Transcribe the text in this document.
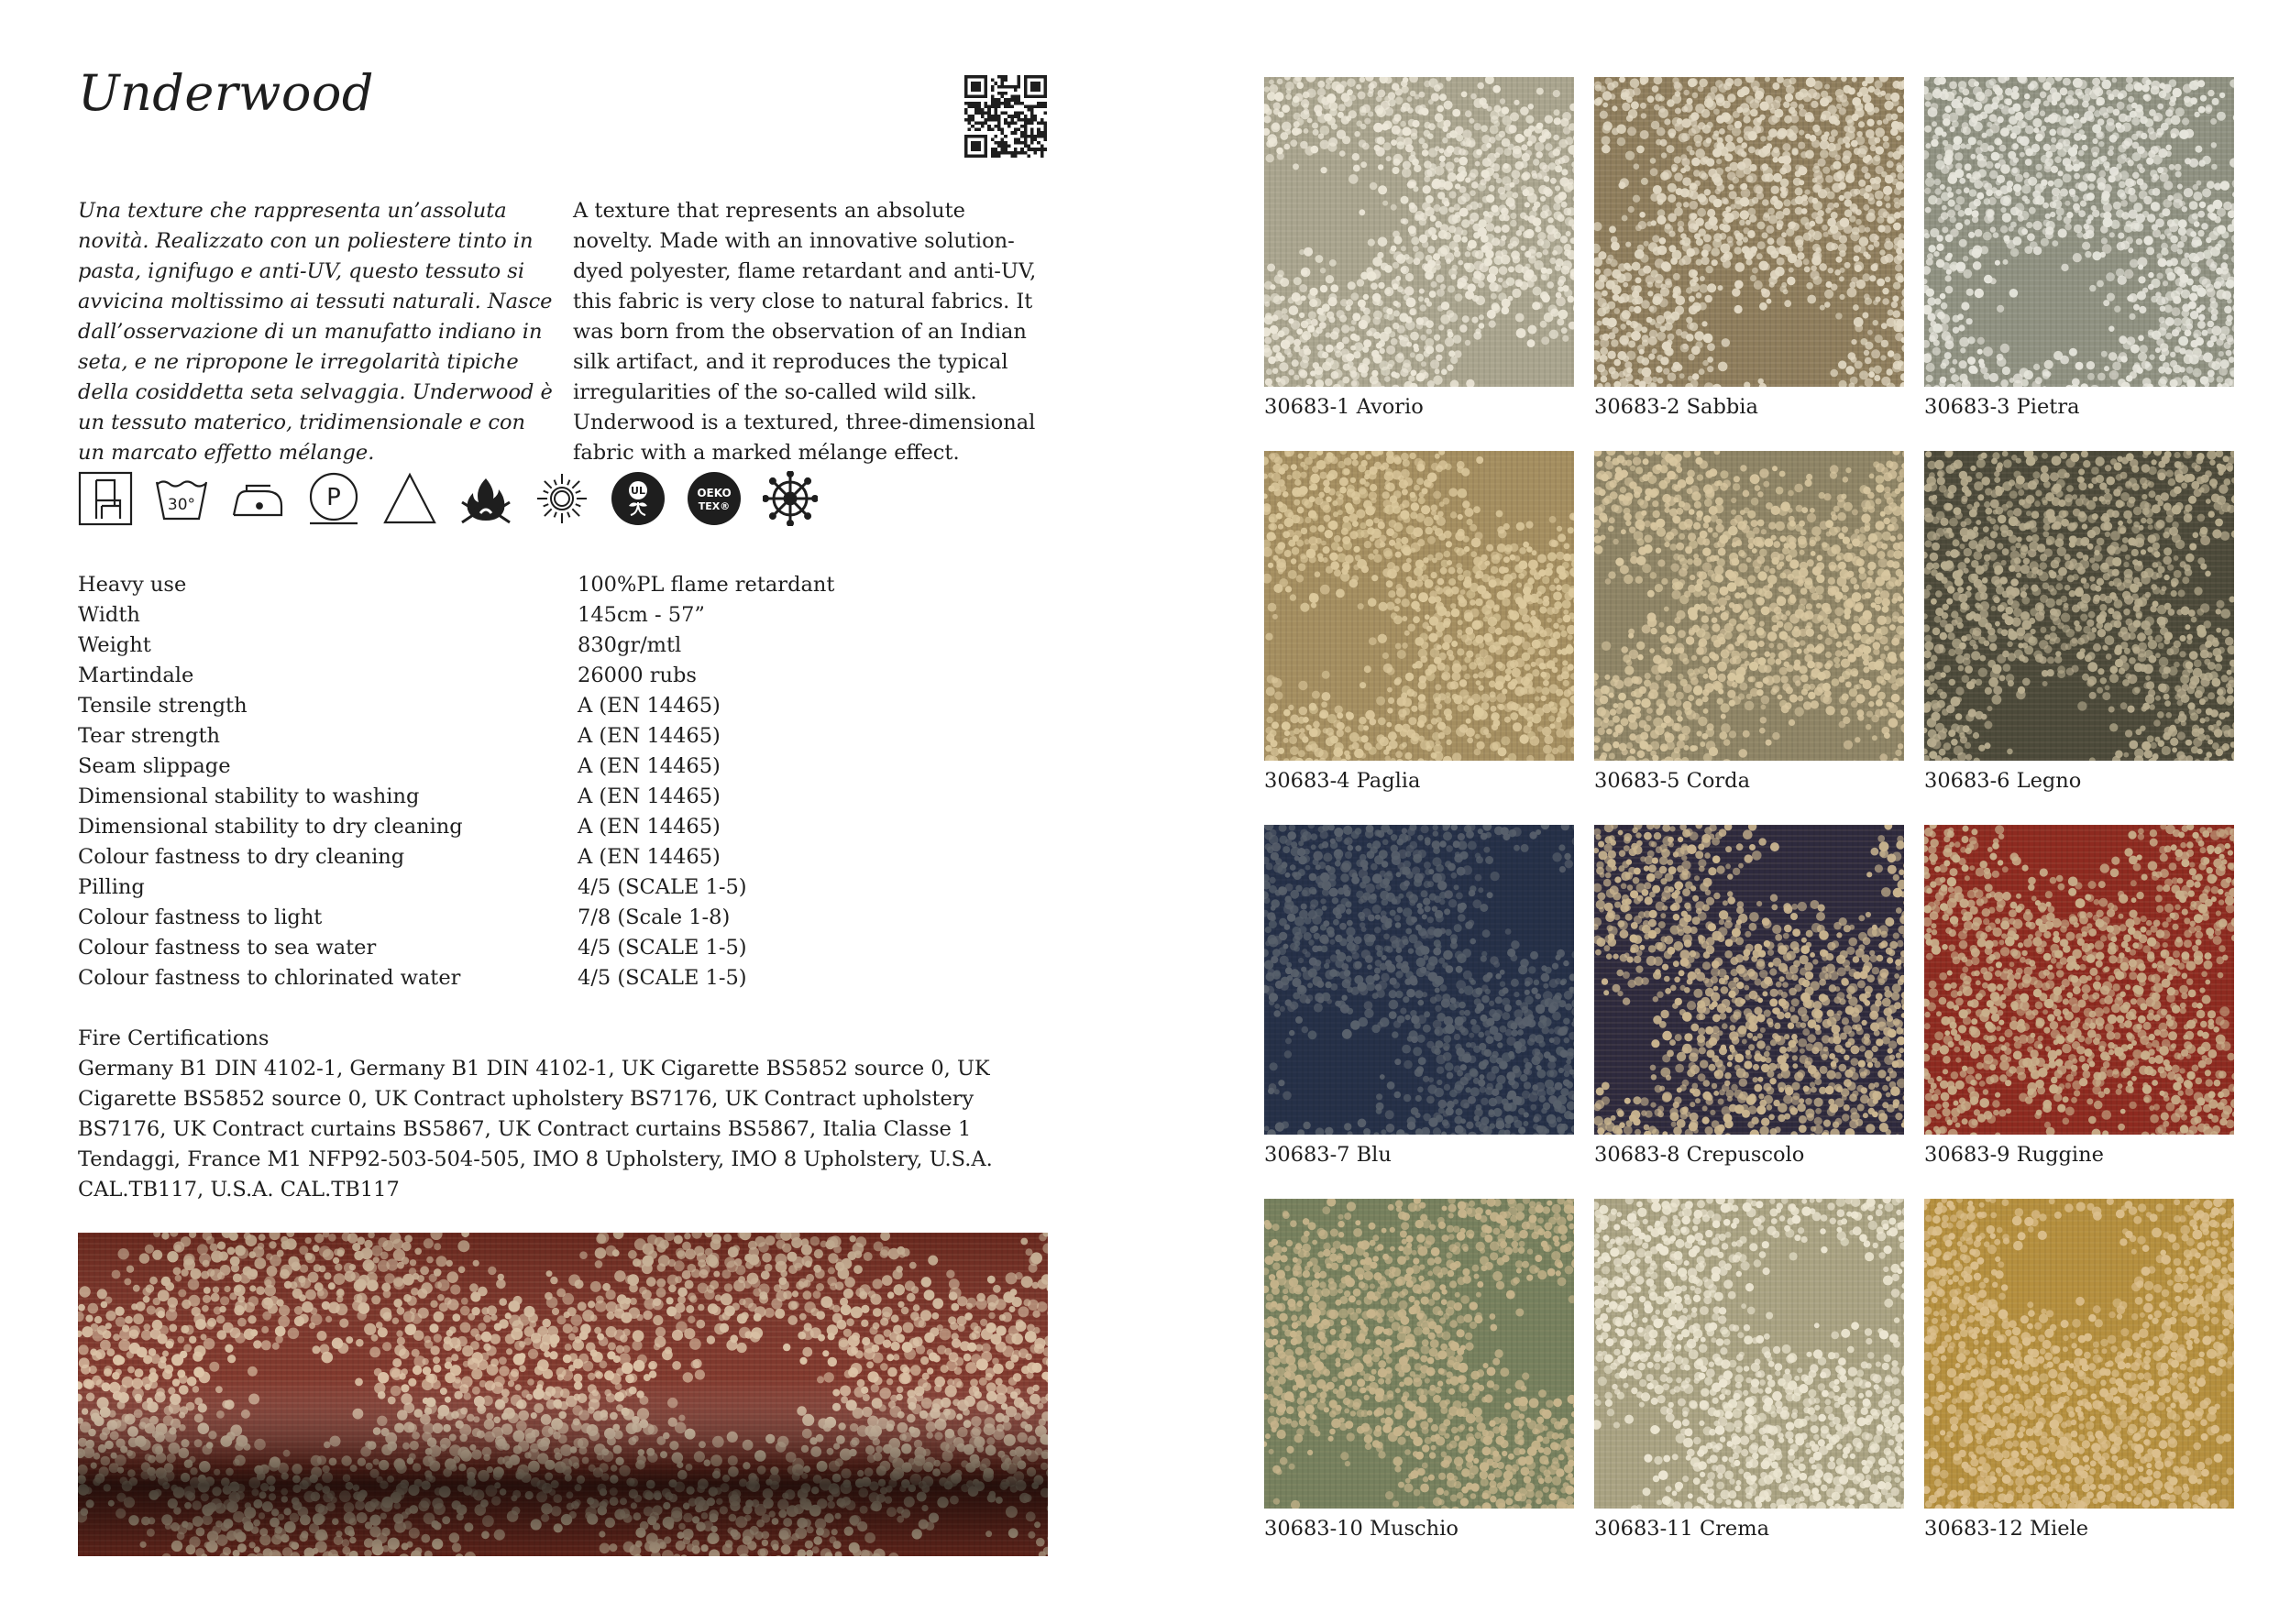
Underwood

Una texture che rappresenta un’assoluta novità. Realizzato con un poliestere tinto in pasta, ignifugo e anti-UV, questo tessuto si avvicina moltissimo ai tessuti naturali. Nasce dall’osservazione di un manufatto indiano in seta, e ne ripropone le irregolarità tipiche della cosiddetta seta selvaggia. Underwood è un tessuto materico, tridimensionale e con un marcato effetto mélange.

A texture that represents an absolute novelty. Made with an innovative solution-dyed polyester, flame retardant and anti-UV, this fabric is very close to natural fabrics. It was born from the observation of an Indian silk artifact, and it reproduces the typical irregularities of the so-called wild silk. Underwood is a textured, three-dimensional fabric with a marked mélange effect.

30°	P	UL	OEKO
TEX®
Heavy use	100%PL flame retardant
Width	145cm - 57”
Weight	830gr/mtl
Martindale	26000 rubs
Tensile strength	A (EN 14465)
Tear strength	A (EN 14465)
Seam slippage	A (EN 14465)
Dimensional stability to washing	A (EN 14465)
Dimensional stability to dry cleaning	A (EN 14465)
Colour fastness to dry cleaning	A (EN 14465)
Pilling	4/5 (SCALE 1-5)
Colour fastness to light	7/8 (Scale 1-8)
Colour fastness to sea water	4/5 (SCALE 1-5)
Colour fastness to chlorinated water	4/5 (SCALE 1-5)

Fire Certifications

Germany B1 DIN 4102-1, Germany B1 DIN 4102-1, UK Cigarette BS5852 source 0, UK Cigarette BS5852 source 0, UK Contract upholstery BS7176, UK Contract upholstery BS7176, UK Contract curtains BS5867, UK Contract curtains BS5867, Italia Classe 1 Tendaggi, France M1 NFP92-503-504-505, IMO 8 Upholstery, IMO 8 Upholstery, U.S.A. CAL.TB117, U.S.A. CAL.TB117

30683-1 Avorio	30683-2 Sabbia	30683-3 Pietra
30683-4 Paglia	30683-5 Corda	30683-6 Legno
30683-7 Blu	30683-8 Crepuscolo	30683-9 Ruggine
30683-10 Muschio	30683-11 Crema	30683-12 Miele
